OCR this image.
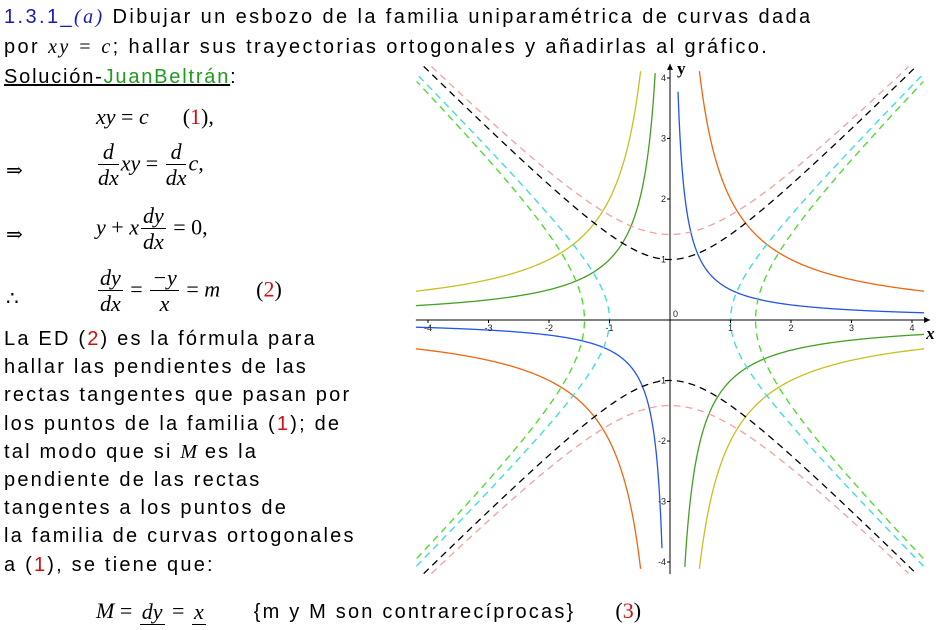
1.3.1_(a) Dibujar un esbozo de la familia uniparamétrica de curvas dada
por xy = c; hallar sus trayectorias ortogonales y añadirlas al gráfico.
Solución-JuanBeltrán:
xy = c (1),
⇒	$\frac{d}{dx}$ xy = $\frac{d}{dx} c$,
⇒	y + x $\frac{dy}{dx} = 0$,
∴	$\frac{dy}{dx} = \frac{-y}{x} = m$ (2)
La ED (2) es la fórmula para
hallar las pendientes de las
rectas tangentes que pasan por
los puntos de la familia (1); de
tal modo que si M es la
pendiente de las rectas
tangentes a los puntos de
la familia de curvas ortogonales
a (1), se tiene que:
M = dy = x	{m y M son contrarecíprocas} (3)
-4	-3	-2	-1
0
1	2	3	4
-4
-3
-2
-1
1
2
3
4
x
y
